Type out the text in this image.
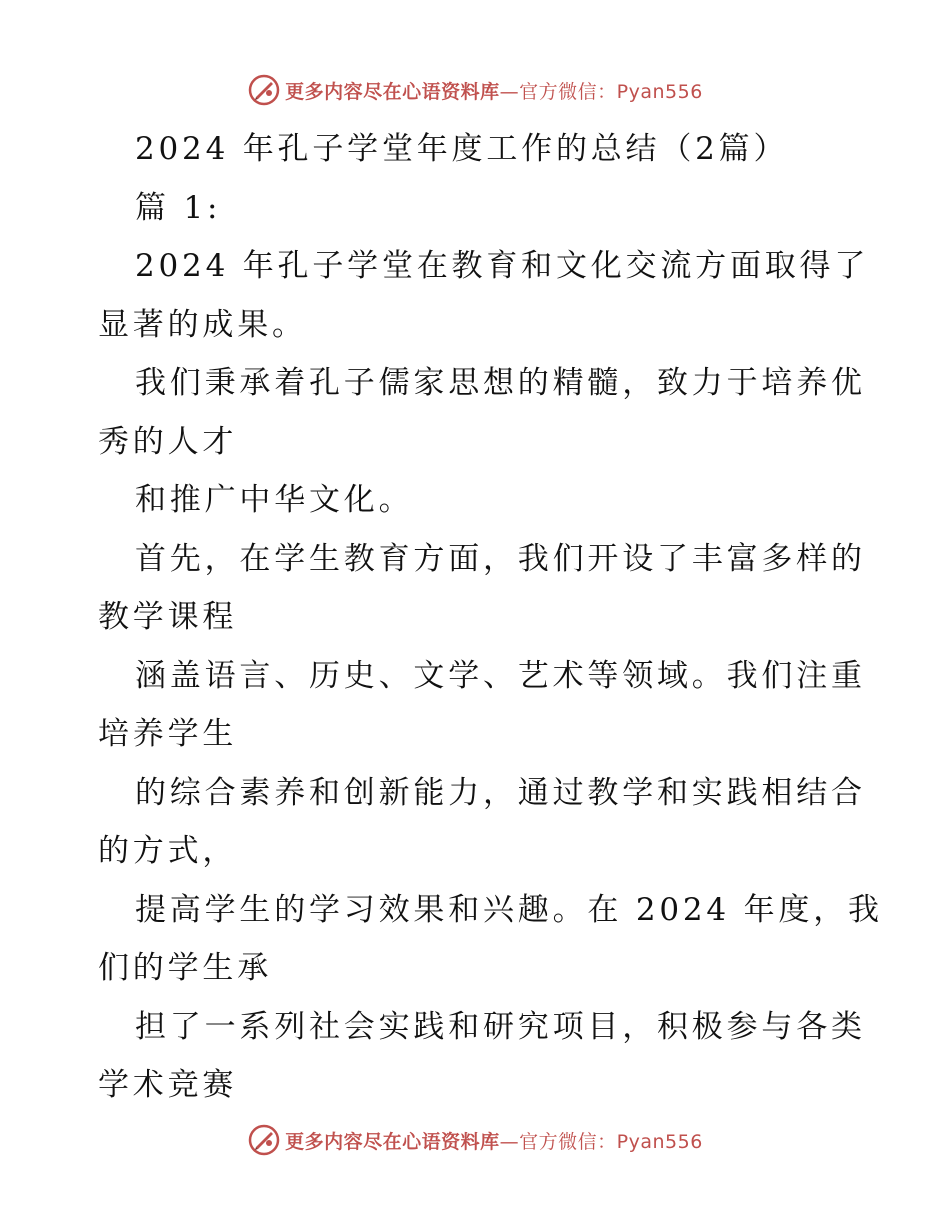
更多内容尽在心语资料库—官方微信：Pyan556
2024 年孔子学堂年度工作的总结（2篇）
篇 1:
2024 年孔子学堂在教育和文化交流方面取得了
显著的成果。
我们秉承着孔子儒家思想的精髓，致力于培养优
秀的人才
和推广中华文化。
首先，在学生教育方面，我们开设了丰富多样的
教学课程
涵盖语言、历史、文学、艺术等领域。我们注重
培养学生
的综合素养和创新能力，通过教学和实践相结合
的方式，
提高学生的学习效果和兴趣。在 2024 年度，我
们的学生承
担了一系列社会实践和研究项目，积极参与各类
学术竞赛
更多内容尽在心语资料库—官方微信：Pyan556
